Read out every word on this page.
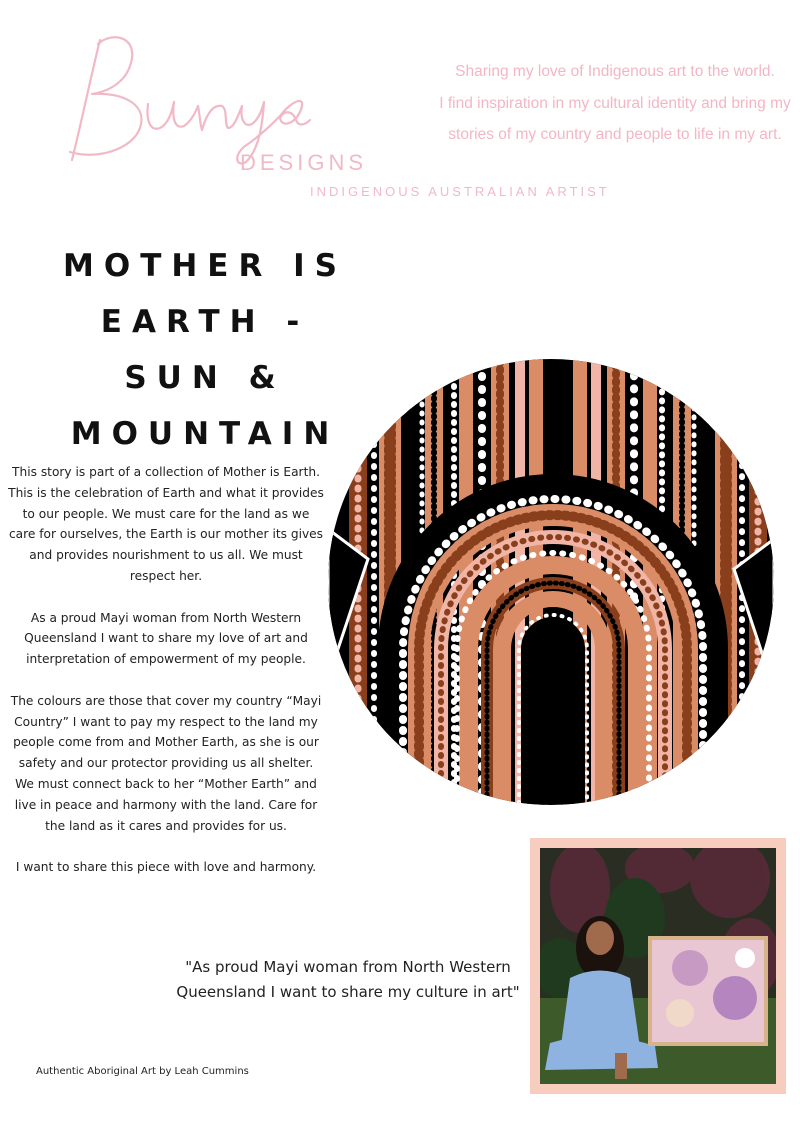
DESIGNS
INDIGENOUS AUSTRALIAN ARTIST
Sharing my love of Indigenous art to the world.
I find inspiration in my cultural identity and bring my
stories of my country and people to life in my art.
MOTHER IS
EARTH -
SUN &
MOUNTAIN

This story is part of a collection of Mother is Earth. This is the celebration of Earth and what it provides to our people. We must care for the land as we care for ourselves, the Earth is our mother its gives and provides nourishment to us all. We must respect her.

As a proud Mayi woman from North Western Queensland I want to share my love of art and interpretation of empowerment of my people.

The colours are those that cover my country “Mayi Country” I want to pay my respect to the land my people come from and Mother Earth, as she is our safety and our protector providing us all shelter. We must connect back to her “Mother Earth” and live in peace and harmony with the land. Care for the land as it cares and provides for us.

I want to share this piece with love and harmony.

"As proud Mayi woman from North Western Queensland I want to share my culture in art"
Authentic Aboriginal Art by Leah Cummins
